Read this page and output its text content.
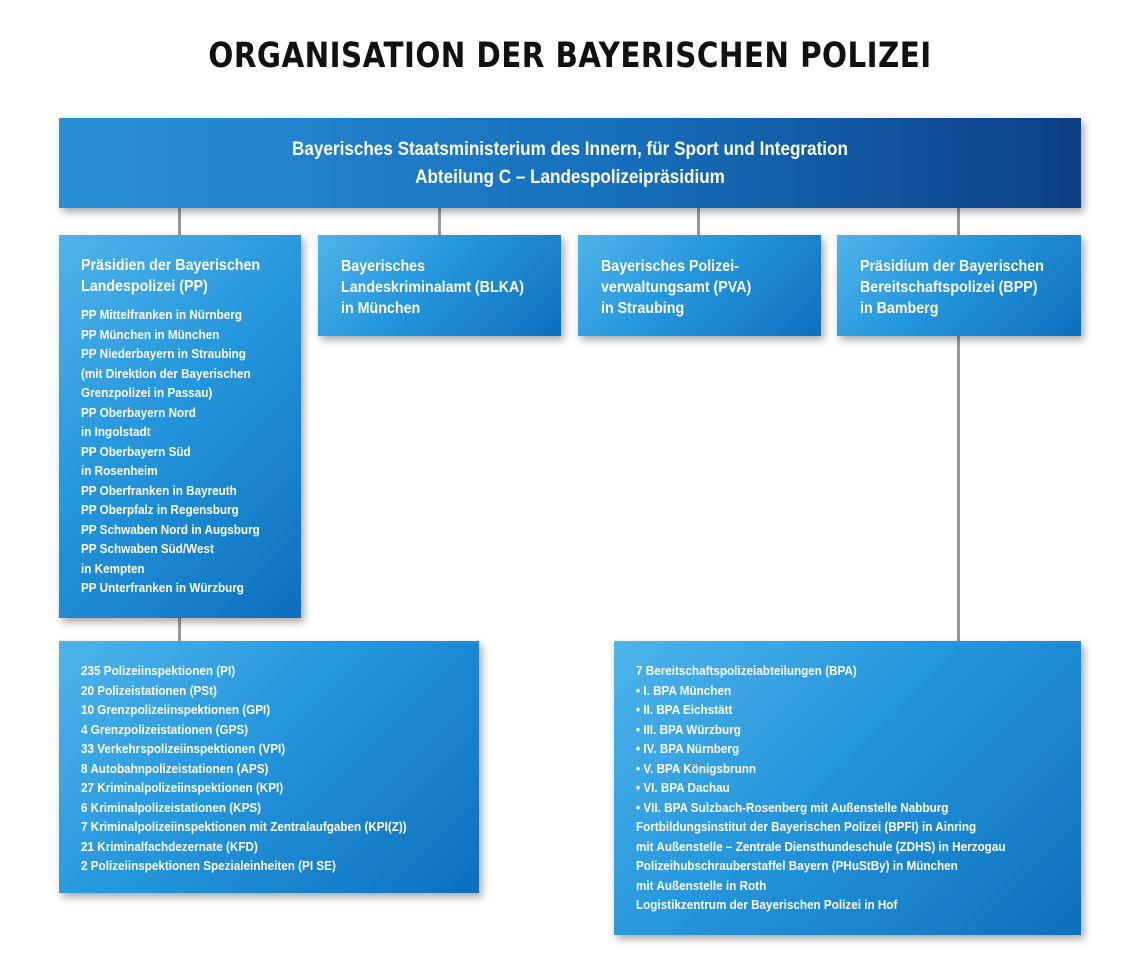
ORGANISATION DER BAYERISCHEN POLIZEI
Bayerisches Staatsministerium des Innern, für Sport und Integration
Abteilung C – Landespolizeipräsidium
Präsidien der Bayerischen
Landespolizei (PP)
PP Mittelfranken in Nürnberg
PP München in München
PP Niederbayern in Straubing
(mit Direktion der Bayerischen
Grenzpolizei in Passau)
PP Oberbayern Nord
in Ingolstadt
PP Oberbayern Süd
in Rosenheim
PP Oberfranken in Bayreuth
PP Oberpfalz in Regensburg
PP Schwaben Nord in Augsburg
PP Schwaben Süd/West
in Kempten
PP Unterfranken in Würzburg
Bayerisches
Landeskriminalamt (BLKA)
in München
Bayerisches Polizei-
verwaltungsamt (PVA)
in Straubing
Präsidium der Bayerischen
Bereitschaftspolizei (BPP)
in Bamberg
235 Polizeiinspektionen (PI)
20 Polizeistationen (PSt)
10 Grenzpolizeiinspektionen (GPI)
4 Grenzpolizeistationen (GPS)
33 Verkehrspolizeiinspektionen (VPI)
8 Autobahnpolizeistationen (APS)
27 Kriminalpolizeiinspektionen (KPI)
6 Kriminalpolizeistationen (KPS)
7 Kriminalpolizeiinspektionen mit Zentralaufgaben (KPI(Z))
21 Kriminalfachdezernate (KFD)
2 Polizeiinspektionen Spezialeinheiten (PI SE)
7 Bereitschaftspolizeiabteilungen (BPA)
• I. BPA München
• II. BPA Eichstätt
• III. BPA Würzburg
• IV. BPA Nürnberg
• V. BPA Königsbrunn
• VI. BPA Dachau
• VII. BPA Sulzbach-Rosenberg mit Außenstelle Nabburg
Fortbildungsinstitut der Bayerischen Polizei (BPFI) in Ainring
mit Außenstelle – Zentrale Diensthundeschule (ZDHS) in Herzogau
Polizeihubschrauberstaffel Bayern (PHuStBy) in München
mit Außenstelle in Roth
Logistikzentrum der Bayerischen Polizei in Hof
